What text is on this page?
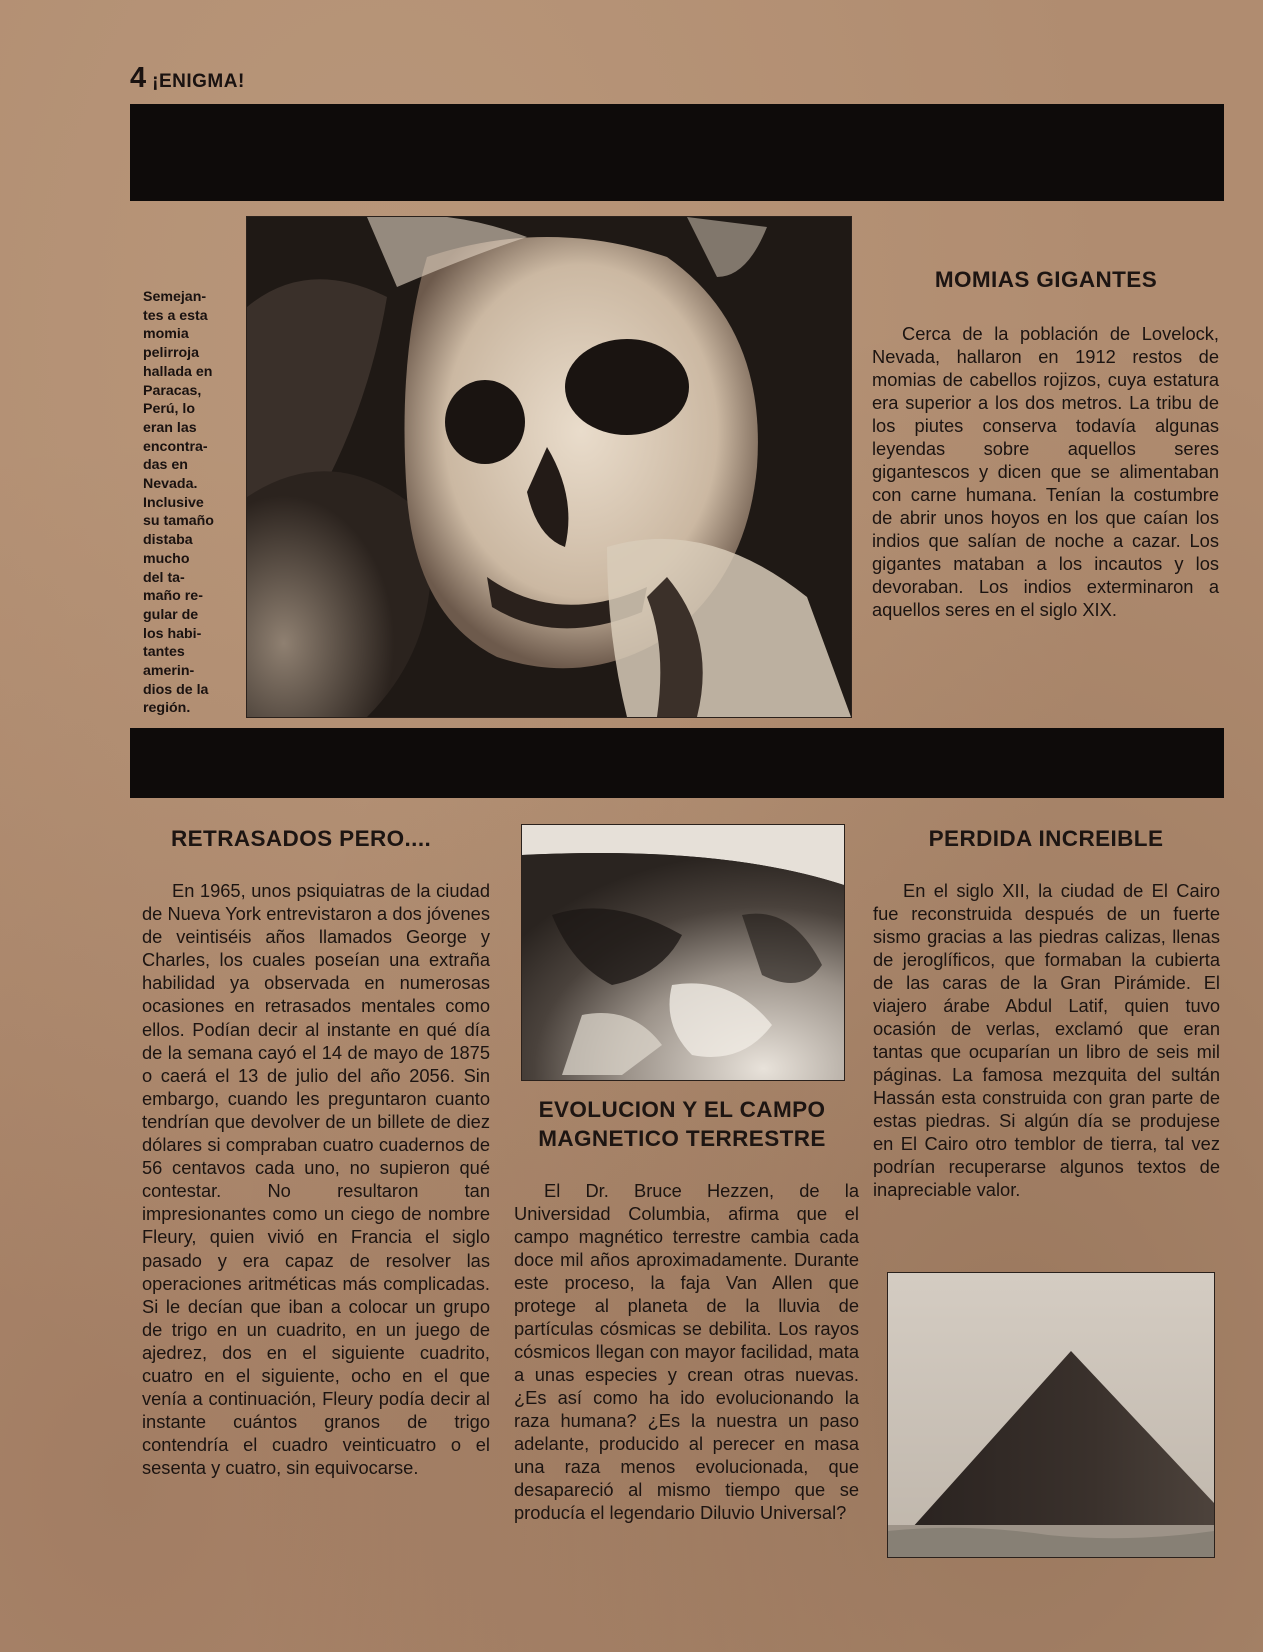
4 ¡ENIGMA!
Semejan-
tes a esta
momia
pelirroja
hallada en
Paracas,
Perú, lo
eran las
encontra-
das en
Nevada.
Inclusive
su tamaño
distaba
mucho
del ta-
maño re-
gular de
los habi-
tantes
amerin-
dios de la
región.
MOMIAS GIGANTES
Cerca de la población de Lovelock, Nevada, hallaron en 1912 restos de momias de cabellos rojizos, cuya estatura era superior a los dos metros. La tribu de los piutes conserva todavía algunas leyendas sobre aquellos seres gigantescos y dicen que se alimentaban con carne humana. Tenían la costumbre de abrir unos hoyos en los que caían los indios que salían de noche a cazar. Los gigantes mataban a los incautos y los devoraban. Los indios exterminaron a aquellos seres en el siglo XIX.
RETRASADOS PERO....
En 1965, unos psiquiatras de la ciudad de Nueva York entrevistaron a dos jóvenes de veintiséis años llamados George y Charles, los cuales poseían una extraña habilidad ya observada en numerosas ocasiones en retrasados mentales como ellos. Podían decir al instante en qué día de la semana cayó el 14 de mayo de 1875 o caerá el 13 de julio del año 2056. Sin embargo, cuando les preguntaron cuanto tendrían que devolver de un billete de diez dólares si compraban cuatro cuadernos de 56 centavos cada uno, no supieron qué contestar. No resultaron tan impresionantes como un ciego de nombre Fleury, quien vivió en Francia el siglo pasado y era capaz de resolver las operaciones aritméticas más complicadas. Si le decían que iban a colocar un grupo de trigo en un cuadrito, en un juego de ajedrez, dos en el siguiente cuadrito, cuatro en el siguiente, ocho en el que venía a continuación, Fleury podía decir al instante cuántos granos de trigo contendría el cuadro veinticuatro o el sesenta y cuatro, sin equivocarse.
EVOLUCION Y EL CAMPO
MAGNETICO TERRESTRE
El Dr. Bruce Hezzen, de la Universidad Columbia, afirma que el campo magnético terrestre cambia cada doce mil años aproximadamente. Durante este proceso, la faja Van Allen que protege al planeta de la lluvia de partículas cósmicas se debilita. Los rayos cósmicos llegan con mayor facilidad, mata a unas especies y crean otras nuevas. ¿Es así como ha ido evolucionando la raza humana? ¿Es la nuestra un paso adelante, producido al perecer en masa una raza menos evolucionada, que desapareció al mismo tiempo que se producía el legendario Diluvio Universal?
PERDIDA INCREIBLE
En el siglo XII, la ciudad de El Cairo fue reconstruida después de un fuerte sismo gracias a las piedras calizas, llenas de jeroglíficos, que formaban la cubierta de las caras de la Gran Pirámide. El viajero árabe Abdul Latif, quien tuvo ocasión de verlas, exclamó que eran tantas que ocuparían un libro de seis mil páginas. La famosa mezquita del sultán Hassán esta construida con gran parte de estas piedras. Si algún día se produjese en El Cairo otro temblor de tierra, tal vez podrían recuperarse algunos textos de inapreciable valor.
